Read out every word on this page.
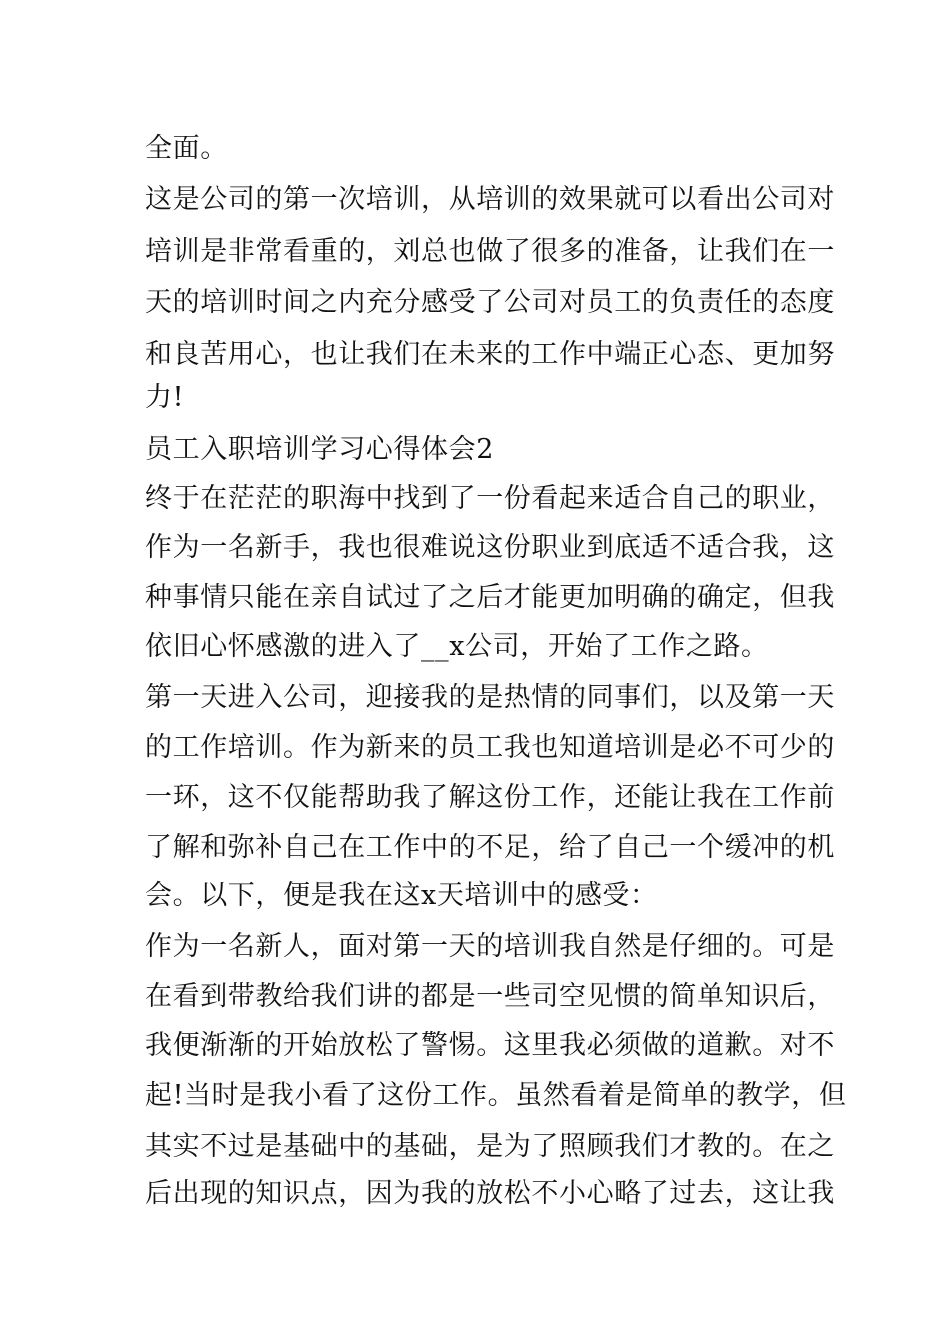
全面。
这是公司的第一次培训，从培训的效果就可以看出公司对
培训是非常看重的，刘总也做了很多的准备，让我们在一
天的培训时间之内充分感受了公司对员工的负责任的态度
和良苦用心，也让我们在未来的工作中端正心态、更加努
力!
员工入职培训学习心得体会2
终于在茫茫的职海中找到了一份看起来适合自己的职业，
作为一名新手，我也很难说这份职业到底适不适合我，这
种事情只能在亲自试过了之后才能更加明确的确定，但我
依旧心怀感激的进入了__x公司，开始了工作之路。
第一天进入公司，迎接我的是热情的同事们，以及第一天
的工作培训。作为新来的员工我也知道培训是必不可少的
一环，这不仅能帮助我了解这份工作，还能让我在工作前
了解和弥补自己在工作中的不足，给了自己一个缓冲的机
会。以下，便是我在这x天培训中的感受：
作为一名新人，面对第一天的培训我自然是仔细的。可是
在看到带教给我们讲的都是一些司空见惯的简单知识后，
我便渐渐的开始放松了警惕。这里我必须做的道歉。对不
起!当时是我小看了这份工作。虽然看着是简单的教学，但
其实不过是基础中的基础，是为了照顾我们才教的。在之
后出现的知识点，因为我的放松不小心略了过去，这让我
